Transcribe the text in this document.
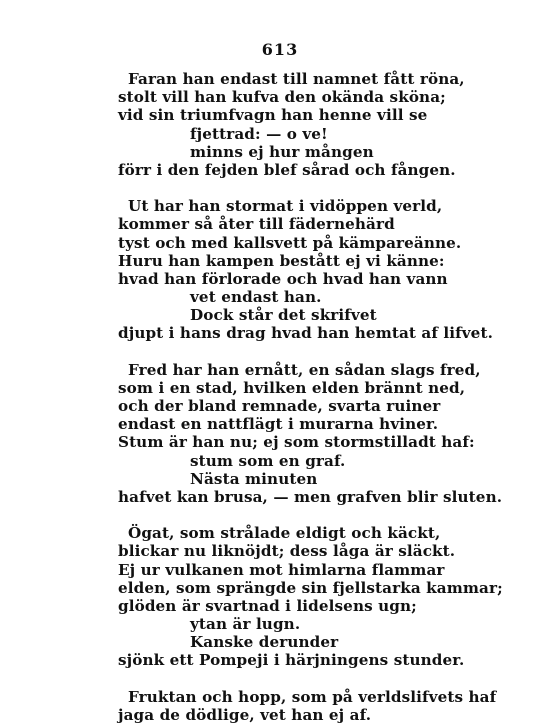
613
Faran han endast till namnet fått röna,
stolt vill han kufva den okända sköna;
vid sin triumfvagn han henne vill se
fjettrad: — o ve!
minns ej hur mången
förr i den fejden blef sårad och fången.
Ut har han stormat i vidöppen verld,
kommer så åter till fädernehärd
tyst och med kallsvett på kämpareänne.
Huru han kampen bestått ej vi känne:
hvad han förlorade och hvad han vann
vet endast han.
Dock står det skrifvet
djupt i hans drag hvad han hemtat af lifvet.
Fred har han ernått, en sådan slags fred,
som i en stad, hvilken elden brännt ned,
och der bland remnade, svarta ruiner
endast en nattflägt i murarna hviner.
Stum är han nu; ej som stormstilladt haf:
stum som en graf.
Nästa minuten
hafvet kan brusa, — men grafven blir sluten.
Ögat, som strålade eldigt och käckt,
blickar nu liknöjdt; dess låga är släckt.
Ej ur vulkanen mot himlarna flammar
elden, som sprängde sin fjellstarka kammar;
glöden är svartnad i lidelsens ugn;
ytan är lugn.
Kanske derunder
sjönk ett Pompeji i härjningens stunder.
Fruktan och hopp, som på verldslifvets haf
jaga de dödlige, vet han ej af.
